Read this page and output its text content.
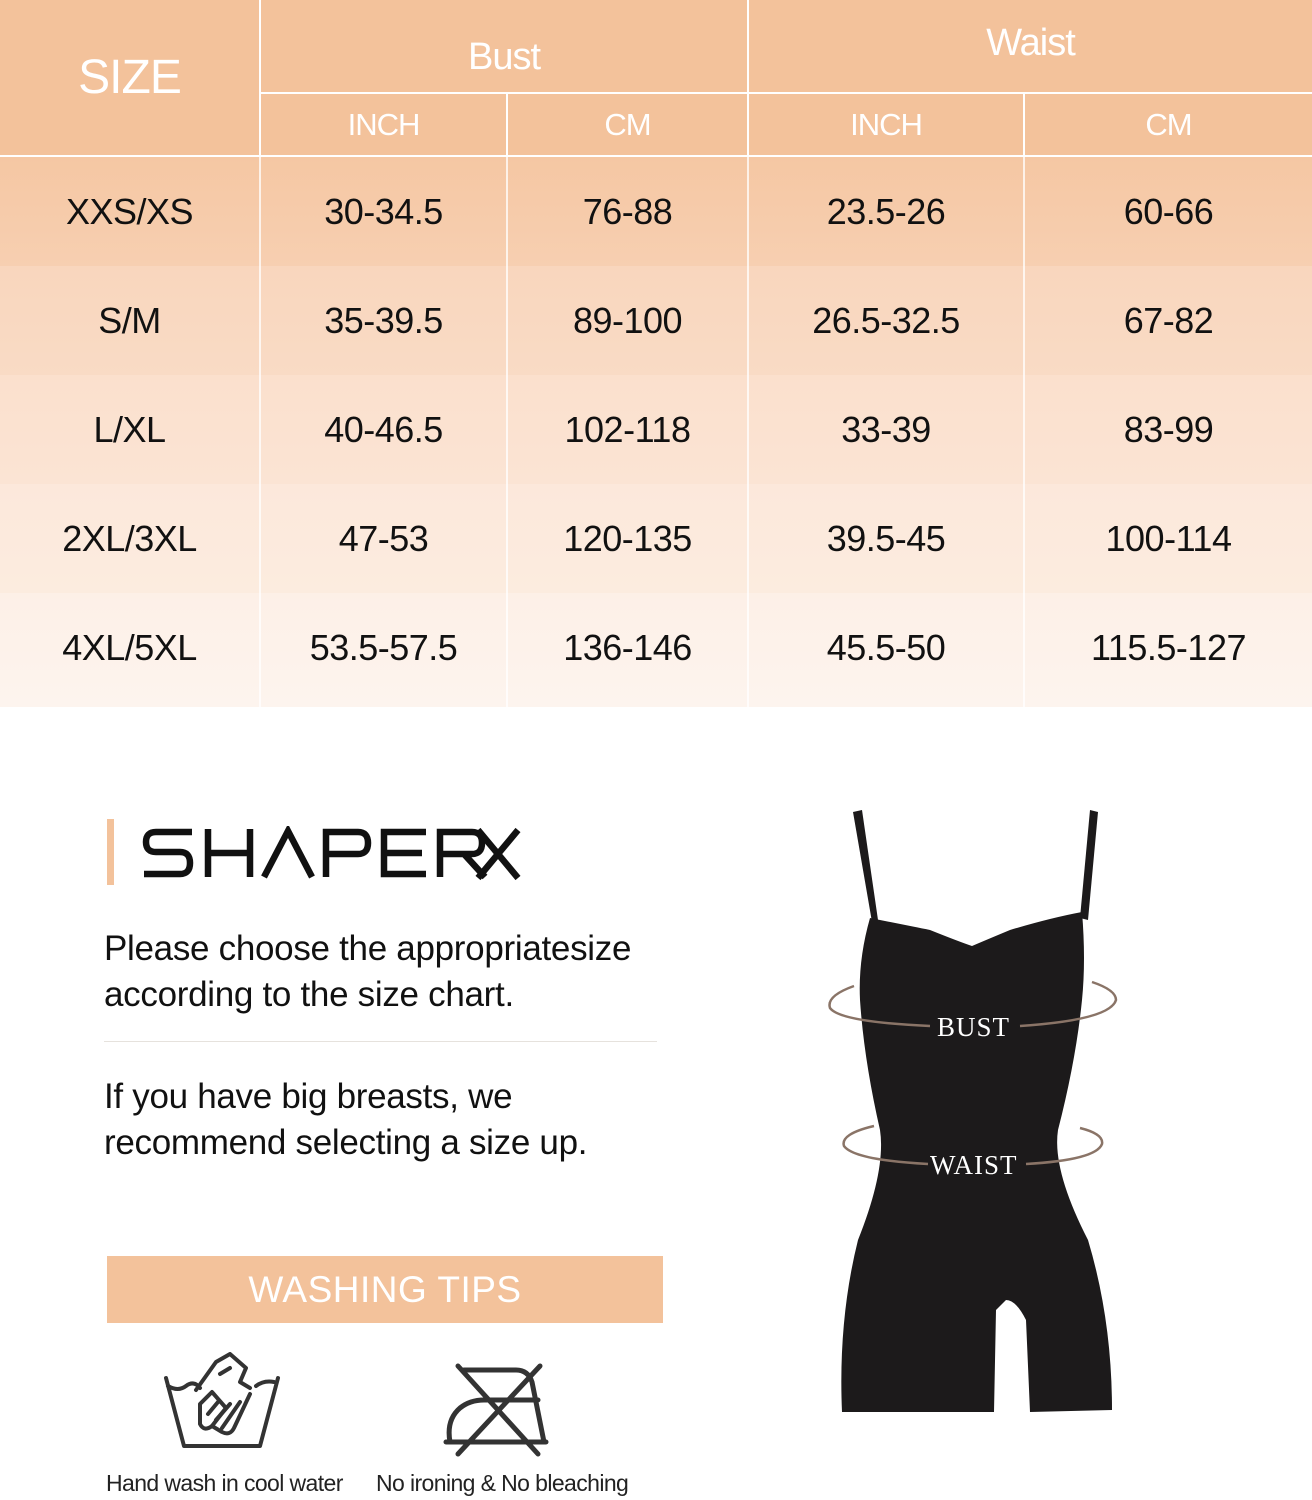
SIZE	Bust	Waist
INCH	CM	INCH	CM
XXS/XS	30-34.5	76-88	23.5-26	60-66
S/M	35-39.5	89-100	26.5-32.5	67-82
L/XL	40-46.5	102-118	33-39	83-99
2XL/3XL	47-53	120-135	39.5-45	100-114
4XL/5XL	53.5-57.5	136-146	45.5-50	115.5-127
Please choose the appropriatesize
according to the size chart.
If you have big breasts, we
recommend selecting a size up.
WASHING TIPS
Hand wash in cool water No ironing & No bleaching
BUST
WAIST
